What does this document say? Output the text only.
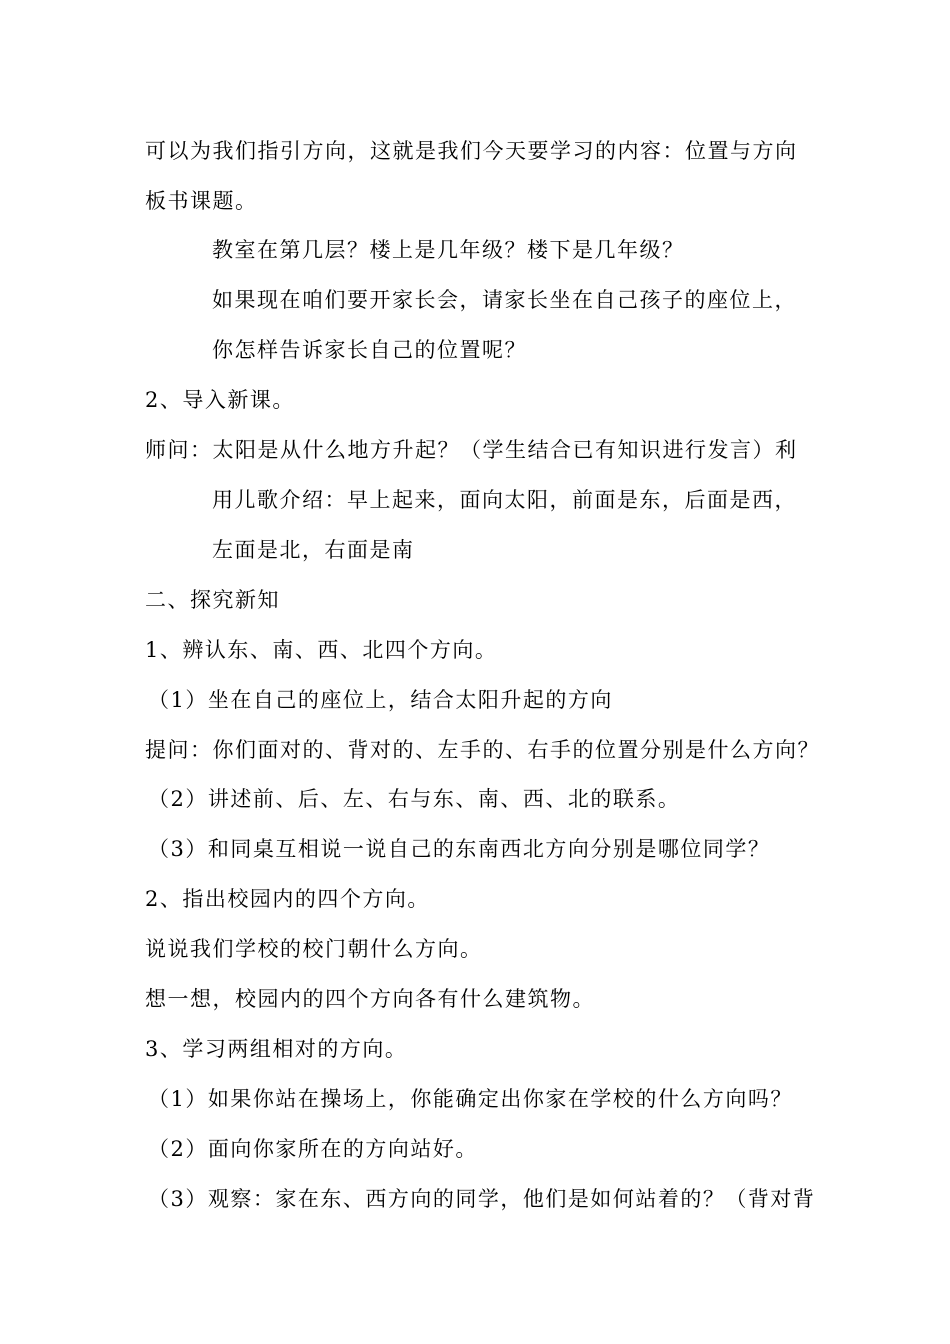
可以为我们指引方向，这就是我们今天要学习的内容：位置与方向
板书课题。
教室在第几层？楼上是几年级？楼下是几年级？
如果现在咱们要开家长会，请家长坐在自己孩子的座位上，
你怎样告诉家长自己的位置呢？
2、导入新课。
师问：太阳是从什么地方升起？（学生结合已有知识进行发言）利
用儿歌介绍：早上起来，面向太阳，前面是东，后面是西，
左面是北，右面是南
二、探究新知
1、辨认东、南、西、北四个方向。
（1）坐在自己的座位上，结合太阳升起的方向
提问：你们面对的、背对的、左手的、右手的位置分别是什么方向？
（2）讲述前、后、左、右与东、南、西、北的联系。
（3）和同桌互相说一说自己的东南西北方向分别是哪位同学？
2、指出校园内的四个方向。
说说我们学校的校门朝什么方向。
想一想，校园内的四个方向各有什么建筑物。
3、学习两组相对的方向。
（1）如果你站在操场上，你能确定出你家在学校的什么方向吗？
（2）面向你家所在的方向站好。
（3）观察：家在东、西方向的同学，他们是如何站着的？（背对背
